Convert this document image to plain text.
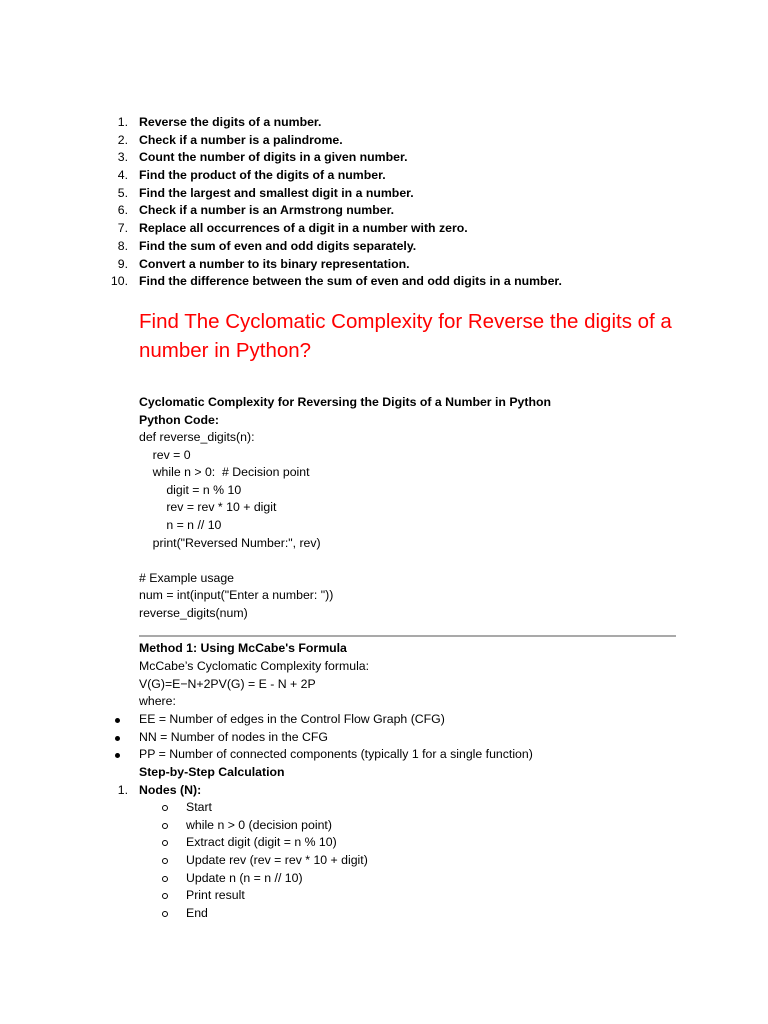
1. Reverse the digits of a number.
2. Check if a number is a palindrome.
3. Count the number of digits in a given number.
4. Find the product of the digits of a number.
5. Find the largest and smallest digit in a number.
6. Check if a number is an Armstrong number.
7. Replace all occurrences of a digit in a number with zero.
8. Find the sum of even and odd digits separately.
9. Convert a number to its binary representation.
10. Find the difference between the sum of even and odd digits in a number.
Find The Cyclomatic Complexity for Reverse the digits of a number in Python?
Cyclomatic Complexity for Reversing the Digits of a Number in Python
Python Code:
def reverse_digits(n):
rev = 0
while n > 0:  # Decision point
digit = n % 10
rev = rev * 10 + digit
n = n // 10
print("Reversed Number:", rev)
# Example usage
num = int(input("Enter a number: "))
reverse_digits(num)
Method 1: Using McCabe's Formula
McCabe’s Cyclomatic Complexity formula:
V(G)=E−N+2PV(G) = E - N + 2P
where:
EE = Number of edges in the Control Flow Graph (CFG)
NN = Number of nodes in the CFG
PP = Number of connected components (typically 1 for a single function)
Step-by-Step Calculation
1. Nodes (N):
Start
while n > 0 (decision point)
Extract digit (digit = n % 10)
Update rev (rev = rev * 10 + digit)
Update n (n = n // 10)
Print result
End
